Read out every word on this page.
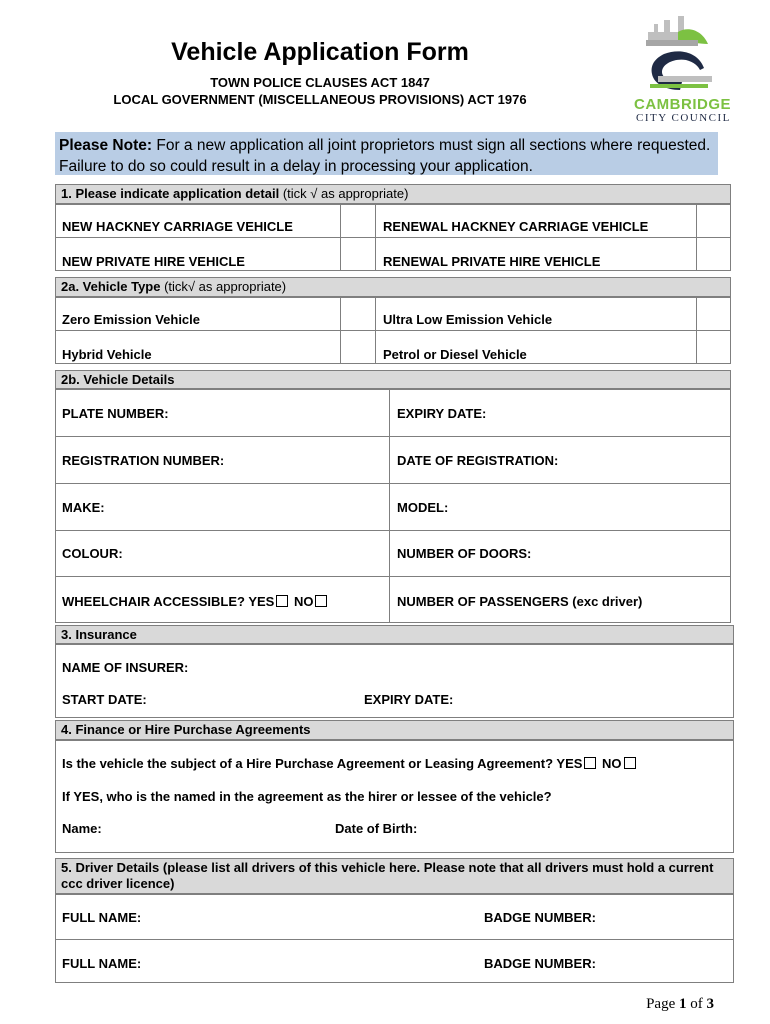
Vehicle Application Form
TOWN POLICE CLAUSES ACT 1847
LOCAL GOVERNMENT (MISCELLANEOUS PROVISIONS) ACT 1976	CAMBRIDGE
CITY COUNCIL
Please Note: For a new application all joint proprietors must sign all sections where requested. Failure to do so could result in a delay in processing your application.
1. Please indicate application detail (tick √ as appropriate)
NEW HACKNEY CARRIAGE VEHICLE	RENEWAL HACKNEY CARRIAGE VEHICLE
NEW PRIVATE HIRE VEHICLE	RENEWAL PRIVATE HIRE VEHICLE
2a. Vehicle Type (tick√ as appropriate)
Zero Emission Vehicle	Ultra Low Emission Vehicle
Hybrid Vehicle	Petrol or Diesel Vehicle
2b. Vehicle Details
PLATE NUMBER:	EXPIRY DATE:
REGISTRATION NUMBER:	DATE OF REGISTRATION:
MAKE:	MODEL:
COLOUR:	NUMBER OF DOORS:
WHEELCHAIR ACCESSIBLE? YES NO	NUMBER OF PASSENGERS (exc driver)
3. Insurance
NAME OF INSURER:
START DATE:	EXPIRY DATE:
4. Finance or Hire Purchase Agreements
Is the vehicle the subject of a Hire Purchase Agreement or Leasing Agreement? YES NO
If YES, who is the named in the agreement as the hirer or lessee of the vehicle?
Name:	Date of Birth:
5. Driver Details (please list all drivers of this vehicle here. Please note that all drivers must hold a current ccc driver licence)
FULL NAME:	BADGE NUMBER:
FULL NAME:	BADGE NUMBER:
Page 1 of 3
